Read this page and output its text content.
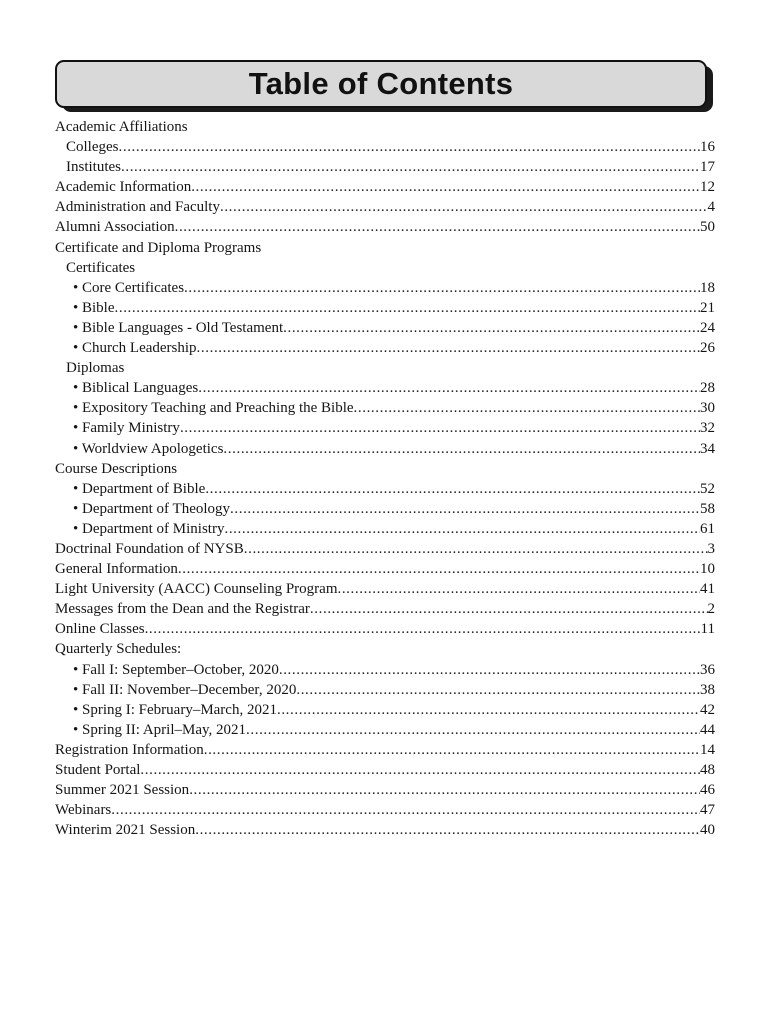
Table of Contents
Academic Affiliations
Colleges .....	16
Institutes .....	17
Academic Information .....	12
Administration and Faculty .....	4
Alumni Association .....	50
Certificate and Diploma Programs
Certificates
• Core Certificates .....	18
• Bible .....	21
• Bible Languages - Old Testament .....	24
• Church Leadership .....	26
Diplomas
• Biblical Languages .....	28
• Expository Teaching and Preaching the Bible .....	30
• Family Ministry .....	32
• Worldview Apologetics .....	34
Course Descriptions
• Department of Bible .....	52
• Department of Theology .....	58
• Department of Ministry .....	61
Doctrinal Foundation of NYSB .....	3
General Information .....	10
Light University (AACC) Counseling Program .....	41
Messages from the Dean and the Registrar .....	2
Online Classes .....	11
Quarterly Schedules:
• Fall I: September–October, 2020 .....	36
• Fall II: November–December, 2020 .....	38
• Spring I: February–March, 2021 .....	42
• Spring II: April–May, 2021 .....	44
Registration Information .....	14
Student Portal .....	48
Summer 2021 Session .....	46
Webinars .....	47
Winterim 2021 Session .....	40
